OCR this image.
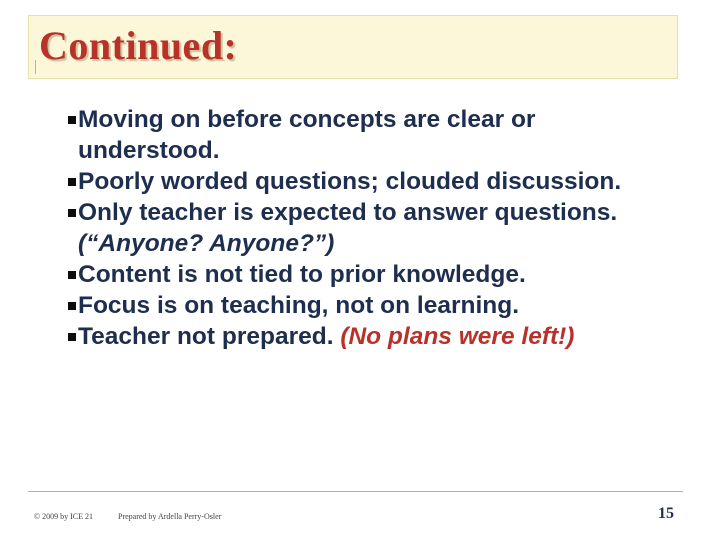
Continued:
Moving on before concepts are clear or understood.
Poorly worded questions; clouded discussion.
Only teacher is expected to answer questions. (“Anyone? Anyone?”)
Content is not tied to prior knowledge.
Focus is on teaching, not on learning.
Teacher not prepared. (No plans were left!)
© 2009 by ICE 21	Prepared by Ardella Perry-Osler	15
